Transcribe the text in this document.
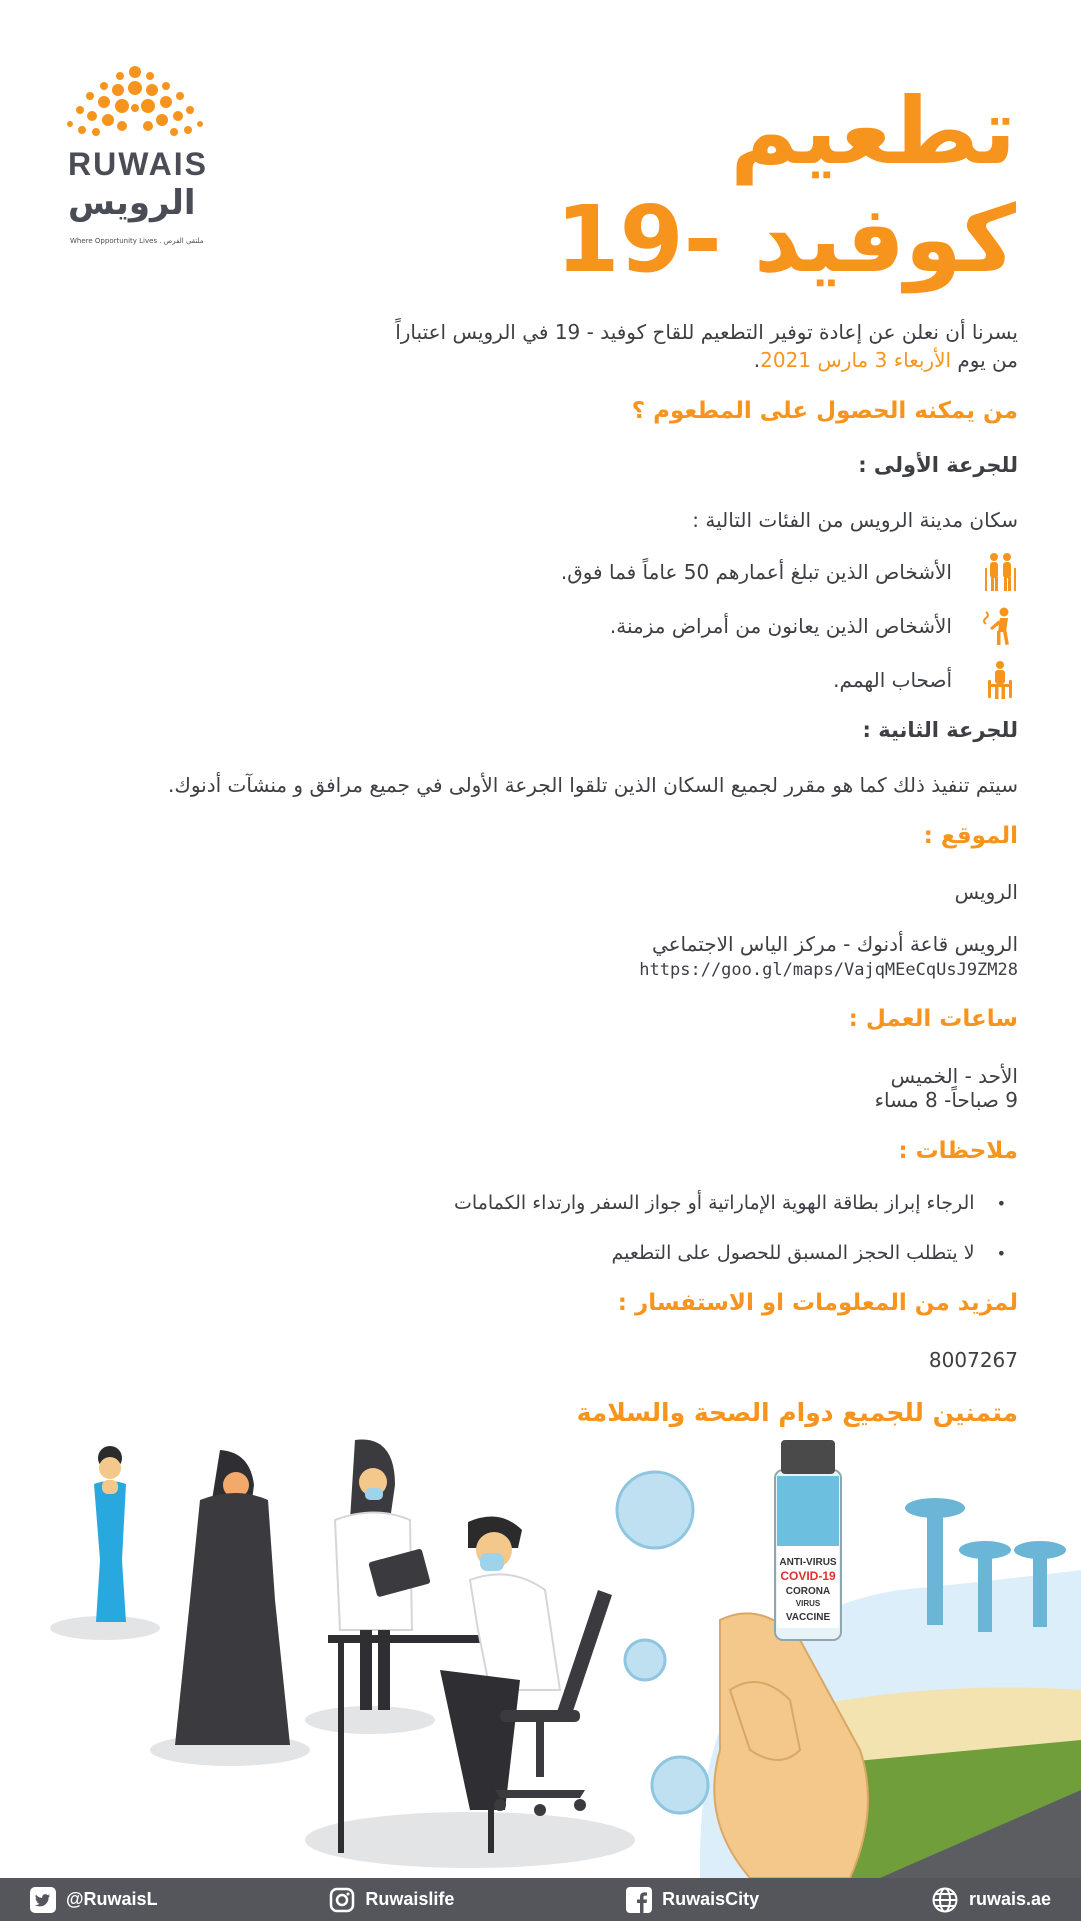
RUWAIS
الرويس
Where Opportunity Lives . ملتقى الفرص
تطعيم
كوفيد -19
يسرنا أن نعلن عن إعادة توفير التطعيم للقاح كوفيد - 19 في الرويس اعتباراً
من يوم الأربعاء 3 مارس 2021.
من يمكنه الحصول على المطعوم ؟
للجرعة الأولى :
سكان مدينة الرويس من الفئات التالية :
الأشخاص الذين تبلغ أعمارهم 50 عاماً فما فوق.
الأشخاص الذين يعانون من أمراض مزمنة.
أصحاب الهمم.
للجرعة الثانية :
سيتم تنفيذ ذلك كما هو مقرر لجميع السكان الذين تلقوا الجرعة الأولى في جميع مرافق و منشآت أدنوك.
الموقع :
الرويس
الرويس قاعة أدنوك - مركز الياس الاجتماعي
https://goo.gl/maps/VajqMEeCqUsJ9ZM28
ساعات العمل :
الأحد - الخميس
9 صباحاً- 8 مساء
ملاحظات :
•
الرجاء إبراز بطاقة الهوية الإماراتية أو جواز السفر وارتداء الكمامات
•
لا يتطلب الحجز المسبق للحصول على التطعيم
لمزيد من المعلومات او الاستفسار :
8007267
متمنين للجميع دوام الصحة والسلامة
ANTI-VIRUS
COVID-19
CORONA
VIRUS
VACCINE
@RuwaisL	Ruwaislife	RuwaisCity	ruwais.ae
